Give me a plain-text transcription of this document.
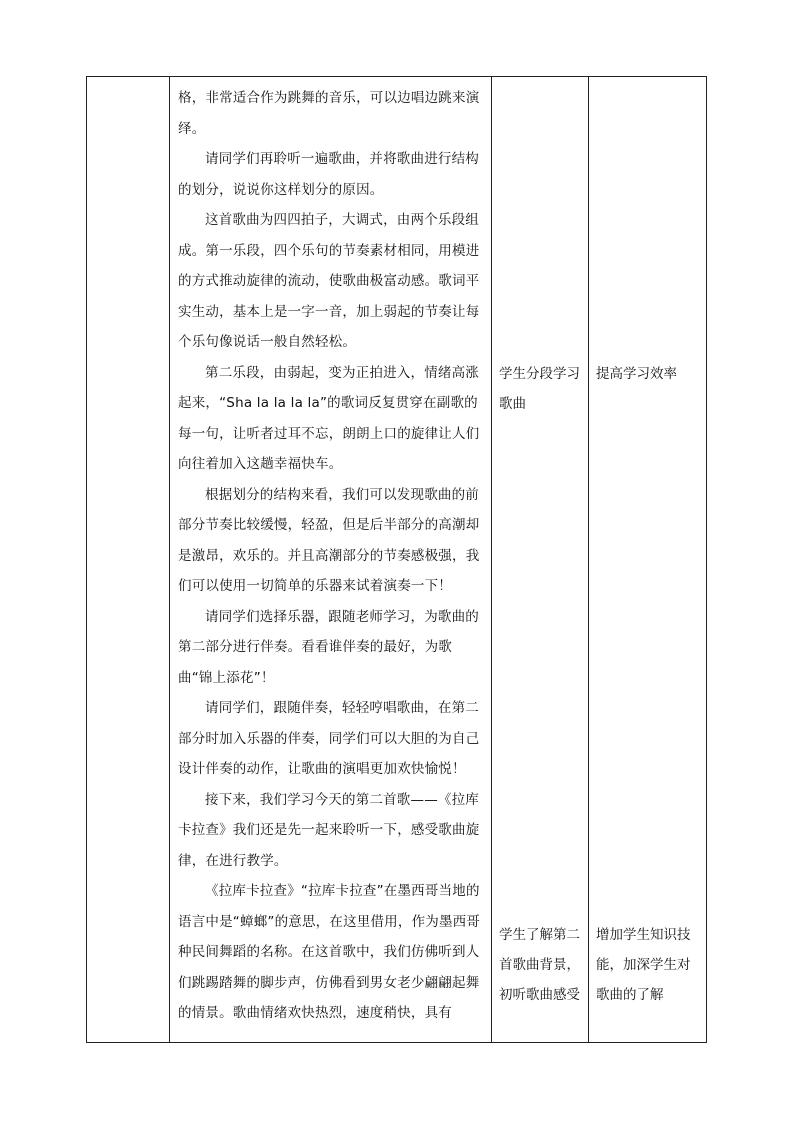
格，非常适合作为跳舞的音乐，可以边唱边跳来演绎。

请同学们再聆听一遍歌曲，并将歌曲进行结构的划分，说说你这样划分的原因。

这首歌曲为四四拍子，大调式，由两个乐段组成。第一乐段，四个乐句的节奏素材相同，用模进的方式推动旋律的流动，使歌曲极富动感。歌词平实生动，基本上是一字一音，加上弱起的节奏让每个乐句像说话一般自然轻松。

第二乐段，由弱起，变为正拍进入，情绪高涨起来，“Sha la la la la”的歌词反复贯穿在副歌的每一句，让听者过耳不忘，朗朗上口的旋律让人们向往着加入这趟幸福快车。

根据划分的结构来看，我们可以发现歌曲的前部分节奏比较缓慢，轻盈，但是后半部分的高潮却是激昂，欢乐的。并且高潮部分的节奏感极强，我们可以使用一切简单的乐器来试着演奏一下！

请同学们选择乐器，跟随老师学习，为歌曲的第二部分进行伴奏。看看谁伴奏的最好，为歌曲“锦上添花”！

请同学们，跟随伴奏，轻轻哼唱歌曲，在第二部分时加入乐器的伴奏，同学们可以大胆的为自己设计伴奏的动作，让歌曲的演唱更加欢快愉悦！

接下来，我们学习今天的第二首歌——《拉库卡拉查》我们还是先一起来聆听一下，感受歌曲旋律，在进行教学。

《拉库卡拉查》“拉库卡拉查”在墨西哥当地的语言中是“蟑螂”的意思，在这里借用，作为墨西哥种民间舞蹈的名称。在这首歌中，我们仿佛听到人们跳踢踏舞的脚步声，仿佛看到男女老少翩翩起舞的情景。歌曲情绪欢快热烈，速度稍快，具有

学生分段学习歌曲
提高学习效率
学生了解第二首歌曲背景，初听歌曲感受
增加学生知识技能，加深学生对歌曲的了解
